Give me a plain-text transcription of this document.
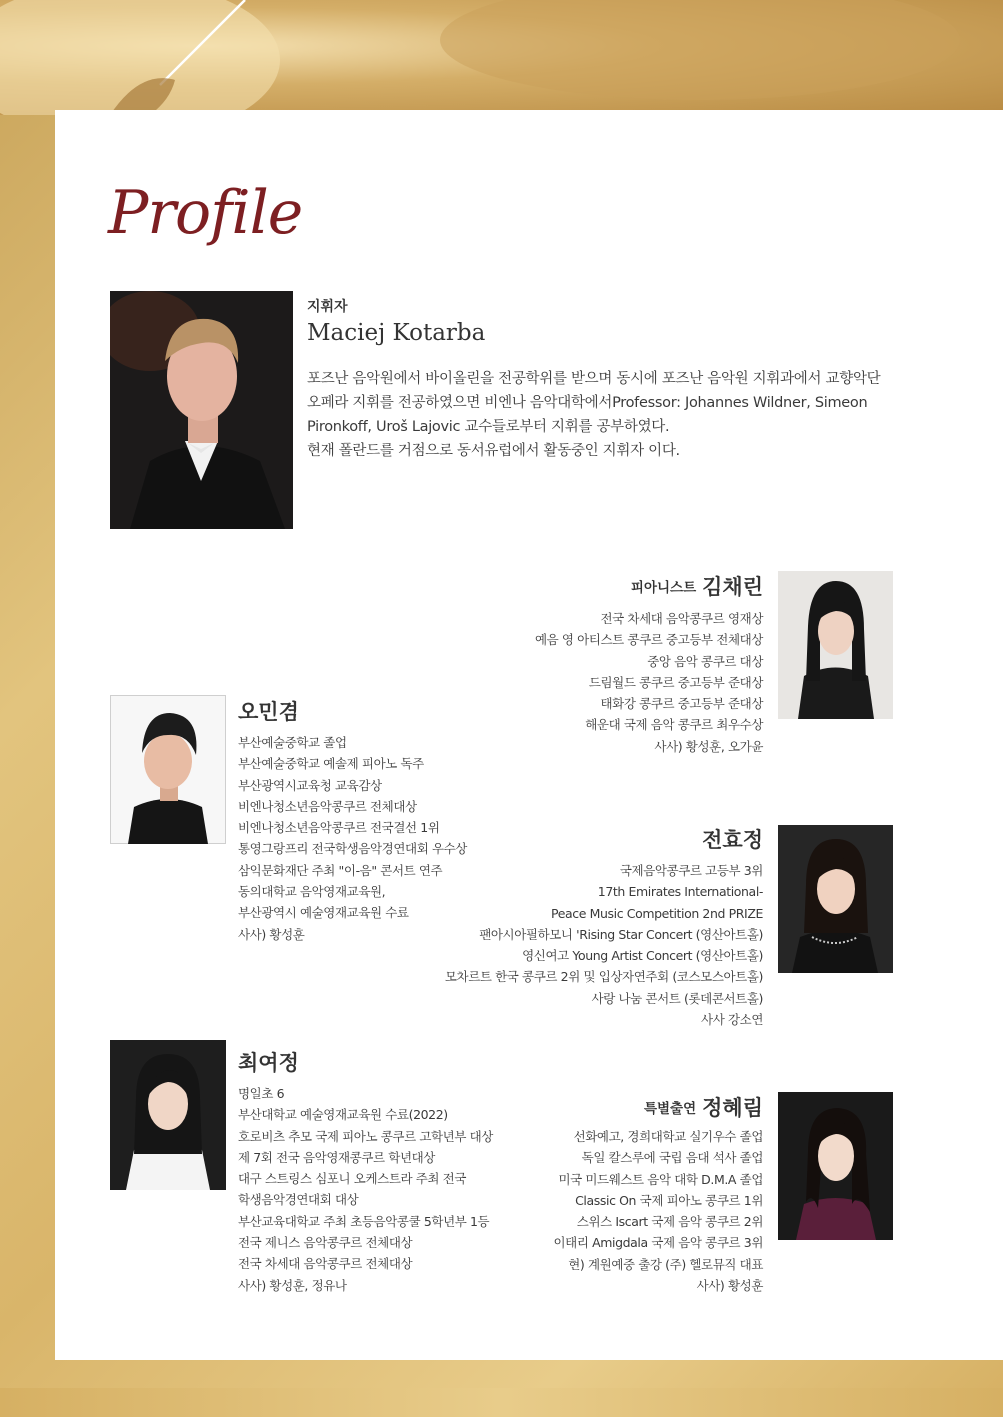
Profile
지휘자
Maciej Kotarba
포즈난 음악원에서 바이올린을 전공학위를 받으며 동시에 포즈난 음악원 지휘과에서 교향악단
오페라 지휘를 전공하였으면 비엔나 음악대학에서Professor: Johannes Wildner, Simeon
Pironkoff, Uroš Lajovic 교수들로부터 지휘를 공부하였다.
현재 폴란드를 거점으로 동서유럽에서 활동중인 지휘자 이다.
피아니스트 김채린
전국 차세대 음악콩쿠르 영재상
예음 영 아티스트 콩쿠르 중고등부 전체대상
중앙 음악 콩쿠르 대상
드림월드 콩쿠르 중고등부 준대상
태화강 콩쿠르 중고등부 준대상
해운대 국제 음악 콩쿠르 최우수상
사사) 황성훈, 오가윤
오민겸
부산예술중학교 졸업
부산예술중학교 예솔제 피아노 독주
부산광역시교육청 교육감상
비엔나청소년음악콩쿠르 전체대상
비엔나청소년음악콩쿠르 전국결선 1위
통영그랑프리 전국학생음악경연대회 우수상
삼익문화재단 주최 "이-음" 콘서트 연주
동의대학교 음악영재교육원,
부산광역시 예술영재교육원 수료
사사) 황성훈
전효정
국제음악콩쿠르 고등부 3위
17th Emirates International-
Peace Music Competition 2nd PRIZE
팬아시아필하모니 'Rising Star Concert (영산아트홀)
영신여고 Young Artist Concert (영산아트홀)
모차르트 한국 콩쿠르 2위 및 입상자연주회 (코스모스아트홀)
사랑 나눔 콘서트 (롯데콘서트홀)
사사 강소연
최여정
명일초 6
부산대학교 예술영재교육원 수료(2022)
호로비츠 추모 국제 피아노 콩쿠르 고학년부 대상
제 7회 전국 음악영재콩쿠르 학년대상
대구 스트링스 심포니 오케스트라 주최 전국
학생음악경연대회 대상
부산교육대학교 주최 초등음악콩쿨 5학년부 1등
전국 제니스 음악콩쿠르 전체대상
전국 차세대 음악콩쿠르 전체대상
사사) 황성훈, 정유나
특별출연 정혜림
선화예고, 경희대학교 실기우수 졸업
독일 칼스루에 국립 음대 석사 졸업
미국 미드웨스트 음악 대학 D.M.A 졸업
Classic On 국제 피아노 콩쿠르 1위
스위스 Iscart 국제 음악 콩쿠르 2위
이태리 Amigdala 국제 음악 콩쿠르 3위
현) 계원예중 출강 (주) 헬로뮤직 대표
사사) 황성훈
